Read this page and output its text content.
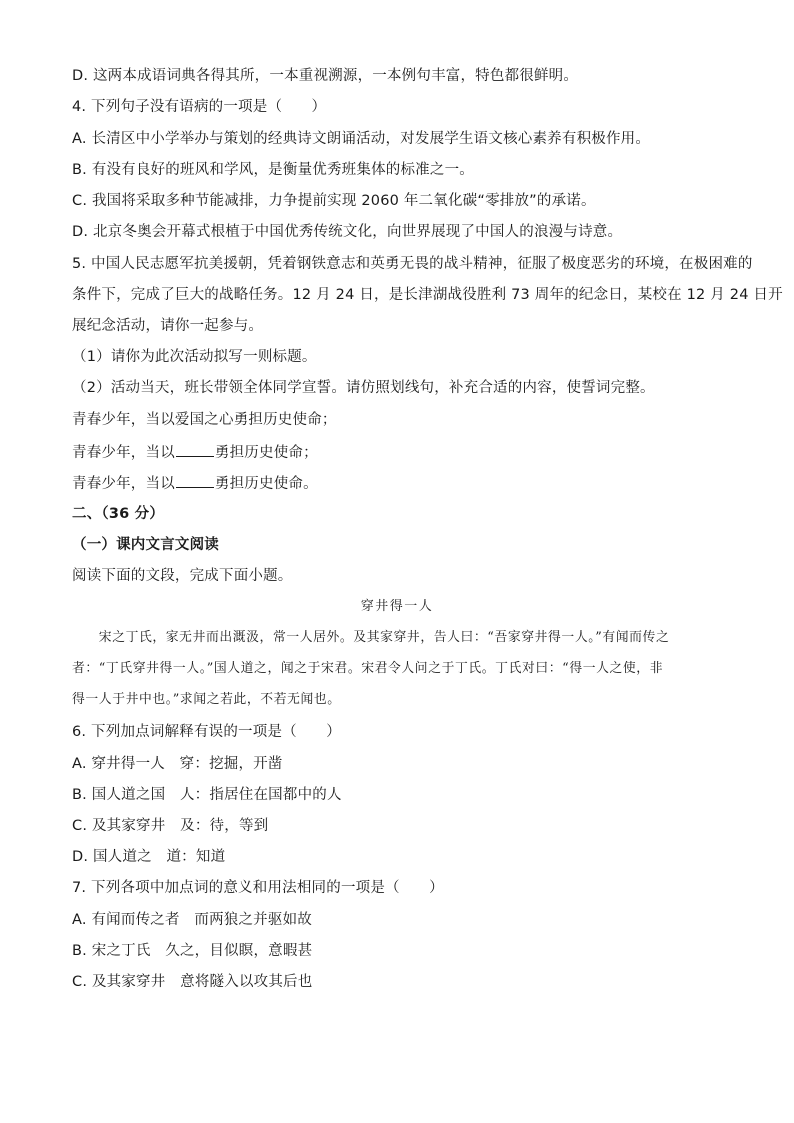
D. 这两本成语词典各得其所，一本重视溯源，一本例句丰富，特色都很鲜明。
4. 下列句子没有语病的一项是（　　）
A. 长清区中小学举办与策划的经典诗文朗诵活动，对发展学生语文核心素养有积极作用。
B. 有没有良好的班风和学风，是衡量优秀班集体的标准之一。
C. 我国将采取多种节能减排，力争提前实现 2060 年二氧化碳“零排放”的承诺。
D. 北京冬奥会开幕式根植于中国优秀传统文化，向世界展现了中国人的浪漫与诗意。
5. 中国人民志愿军抗美援朝，凭着钢铁意志和英勇无畏的战斗精神，征服了极度恶劣的环境，在极困难的
条件下，完成了巨大的战略任务。12 月 24 日，是长津湖战役胜利 73 周年的纪念日，某校在 12 月 24 日开
展纪念活动，请你一起参与。
（1）请你为此次活动拟写一则标题。
（2）活动当天，班长带领全体同学宣誓。请仿照划线句，补充合适的内容，使誓词完整。
青春少年，当以爱国之心勇担历史使命；
青春少年，当以	勇担历史使命；
青春少年，当以	勇担历史使命。
二、（36 分）
（一）课内文言文阅读
阅读下面的文段，完成下面小题。
穿井得一人
　　宋之丁氏，家无井而出溉汲，常一人居外。及其家穿井，告人曰：“吾家穿井得一人。”有闻而传之
者：“丁氏穿井得一人。”国人道之，闻之于宋君。宋君令人问之于丁氏。丁氏对曰：“得一人之使，非
得一人于井中也。”求闻之若此，不若无闻也。
6. 下列加点词解释有误的一项是（　　）
A. 穿井得一人　穿：挖掘，开凿
B. 国人道之国　人：指居住在国都中的人
C. 及其家穿井　及：待，等到
D. 国人道之　道：知道
7. 下列各项中加点词的意义和用法相同的一项是（　　）
A. 有闻而传之者　而两狼之并驱如故
B. 宋之丁氏　久之，目似瞑，意暇甚
C. 及其家穿井　意将隧入以攻其后也
